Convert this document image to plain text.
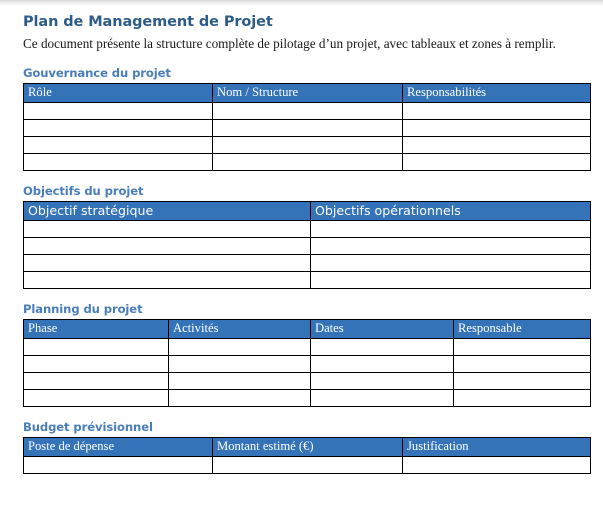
Plan de Management de Projet

Ce document présente la structure complète de pilotage d’un projet, avec tableaux et zones à remplir.

Gouvernance du projet
Rôle	Nom / Structure	Responsabilités

Objectifs du projet
Objectif stratégique	Objectifs opérationnels

Planning du projet
Phase	Activités	Dates	Responsable

Budget prévisionnel
Poste de dépense	Montant estimé (€)	Justification
